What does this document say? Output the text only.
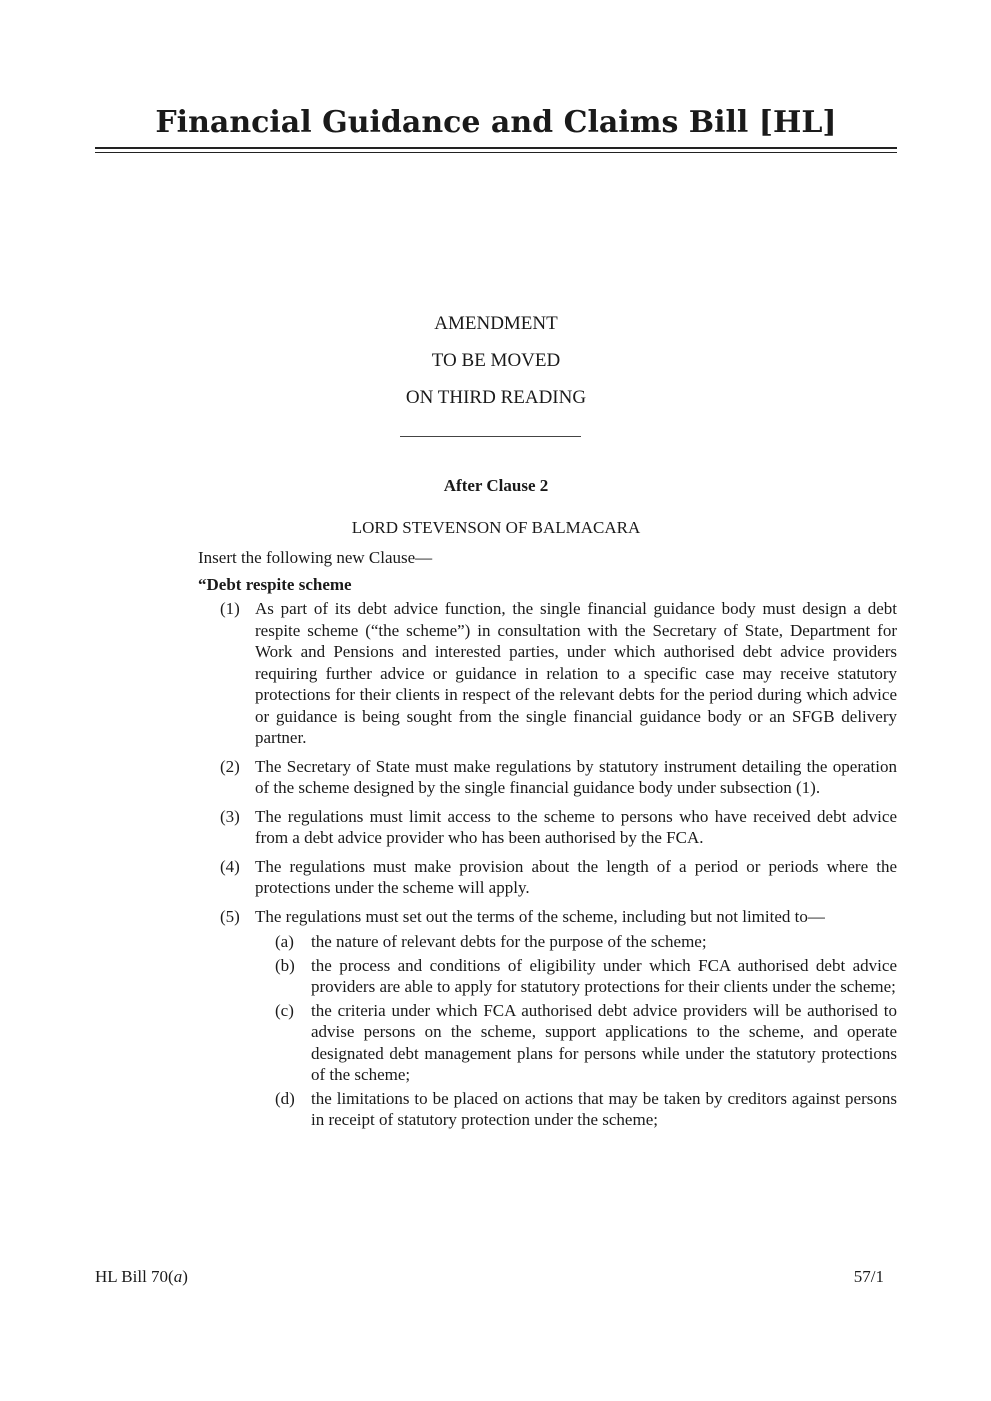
Financial Guidance and Claims Bill [HL]
AMENDMENT
TO BE MOVED
ON THIRD READING
After Clause 2
LORD STEVENSON OF BALMACARA

Insert the following new Clause—

“Debt respite scheme

(1) As part of its debt advice function, the single financial guidance body must design a debt respite scheme (“the scheme”) in consultation with the Secretary of State, Department for Work and Pensions and interested parties, under which authorised debt advice providers requiring further advice or guidance in relation to a specific case may receive statutory protections for their clients in respect of the relevant debts for the period during which advice or guidance is being sought from the single financial guidance body or an SFGB delivery partner.
(2) The Secretary of State must make regulations by statutory instrument detailing the operation of the scheme designed by the single financial guidance body under subsection (1).
(3) The regulations must limit access to the scheme to persons who have received debt advice from a debt advice provider who has been authorised by the FCA.
(4) The regulations must make provision about the length of a period or periods where the protections under the scheme will apply.
(5) The regulations must set out the terms of the scheme, including but not limited to—
(a) the nature of relevant debts for the purpose of the scheme;
(b) the process and conditions of eligibility under which FCA authorised debt advice providers are able to apply for statutory protections for their clients under the scheme;
(c) the criteria under which FCA authorised debt advice providers will be authorised to advise persons on the scheme, support applications to the scheme, and operate designated debt management plans for persons while under the statutory protections of the scheme;
(d) the limitations to be placed on actions that may be taken by creditors against persons in receipt of statutory protection under the scheme;
HL Bill 70(a)	57/1
